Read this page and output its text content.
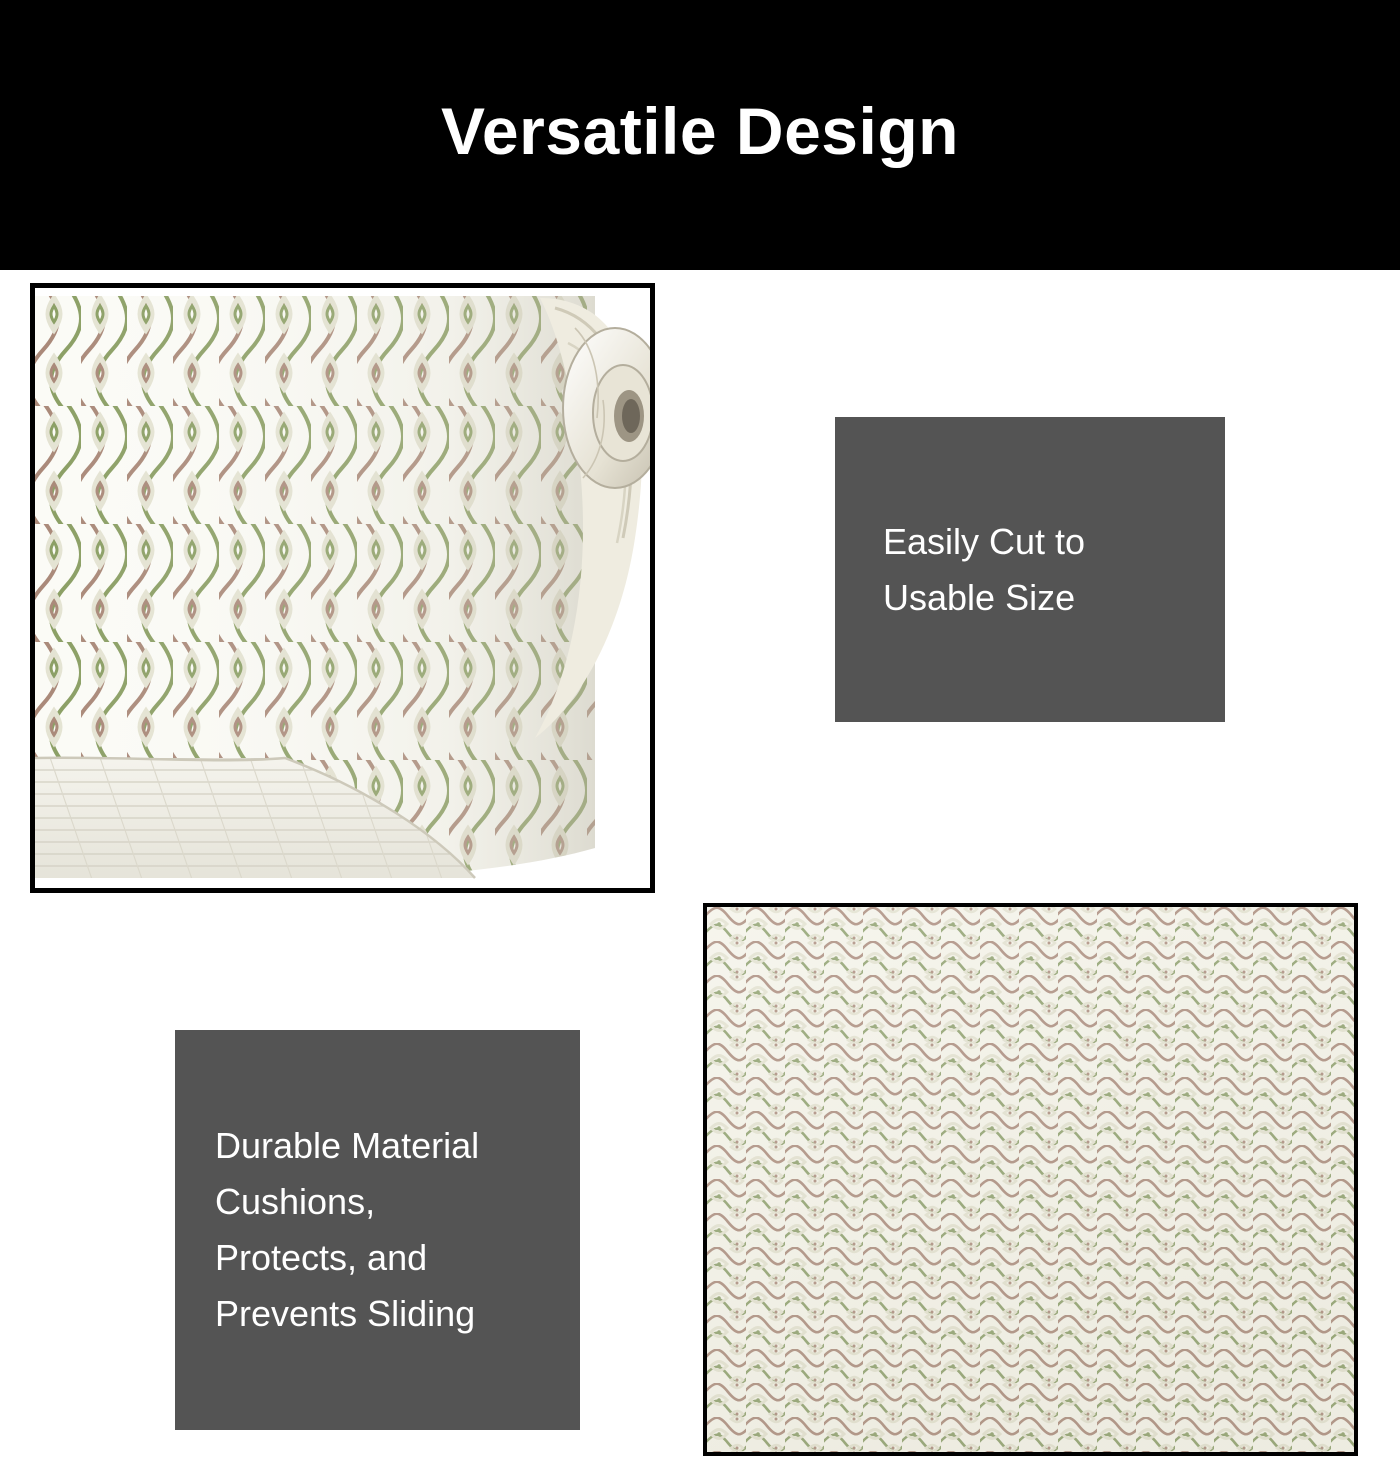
Versatile Design
Easily Cut to
Usable Size
Durable Material
Cushions,
Protects, and
Prevents Sliding
